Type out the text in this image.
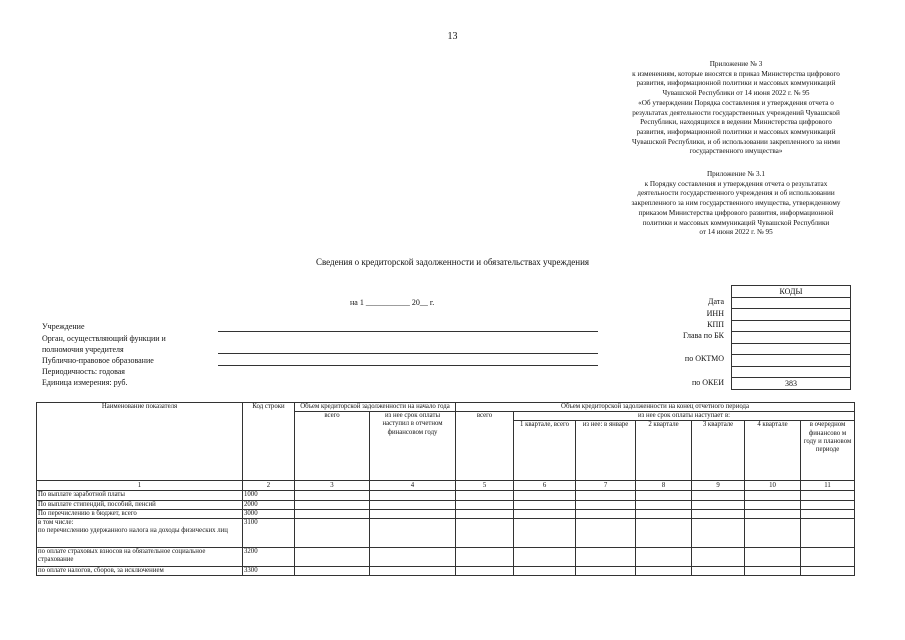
13
Приложение № 3
к изменениям, которые вносятся в приказ Министерства цифрового
развития, информационной политики и массовых коммуникаций
Чувашской Республики от 14 июня 2022 г. № 95
«Об утверждении Порядка составления и утверждения отчета о
результатах деятельности государственных учреждений Чувашской
Республики, находящихся в ведении Министерства цифрового
развития, информационной политики и массовых коммуникаций
Чувашской Республики, и об использовании закрепленного за ними
государственного имущества»
Приложение № 3.1
к Порядку составления и утверждения отчета о результатах
деятельности государственного учреждения и об использовании
закрепленного за ним государственного имущества, утвержденному
приказом Министерства цифрового развития, информационной
политики и массовых коммуникаций Чувашской Республики
от 14 июня 2022 г. № 95
Сведения о кредиторской задолженности и обязательствах учреждения
на 1 ___________ 20__ г.
Учреждение
Орган, осуществляющий функции и
полномочия учредителя
Публично-правовое образование
Периодичность: годовая
Единица измерения: руб.
Дата
ИНН
КПП
Глава по БК
по ОКТМО
по ОКЕИ
КОДЫ

383
Наименование показателя	Код строки	Объем кредиторской задолженности на начало года		Объем кредиторской задолженности на конец отчетного периода						
		всего	из нее срок оплаты наступил в отчетном финансовом году	всего	из нее срок оплаты наступает в:					
					1 квартале, всего	из нее: в январе	2 квартале	3 квартале	4 квартале	в очередном финансово м году и плановом периоде
1	2	3	4	5	6	7	8	9	10	11
По выплате заработной платы	1000									
По выплате стипендий, пособий, пенсий	2000									
По перечислению в бюджет, всего	3000									
в том числе:
по перечислению удержанного налога на доходы физических лиц	3100									
по оплате страховых взносов на обязательное социальное страхование	3200									
по оплате налогов, сборов, за исключением	3300									
